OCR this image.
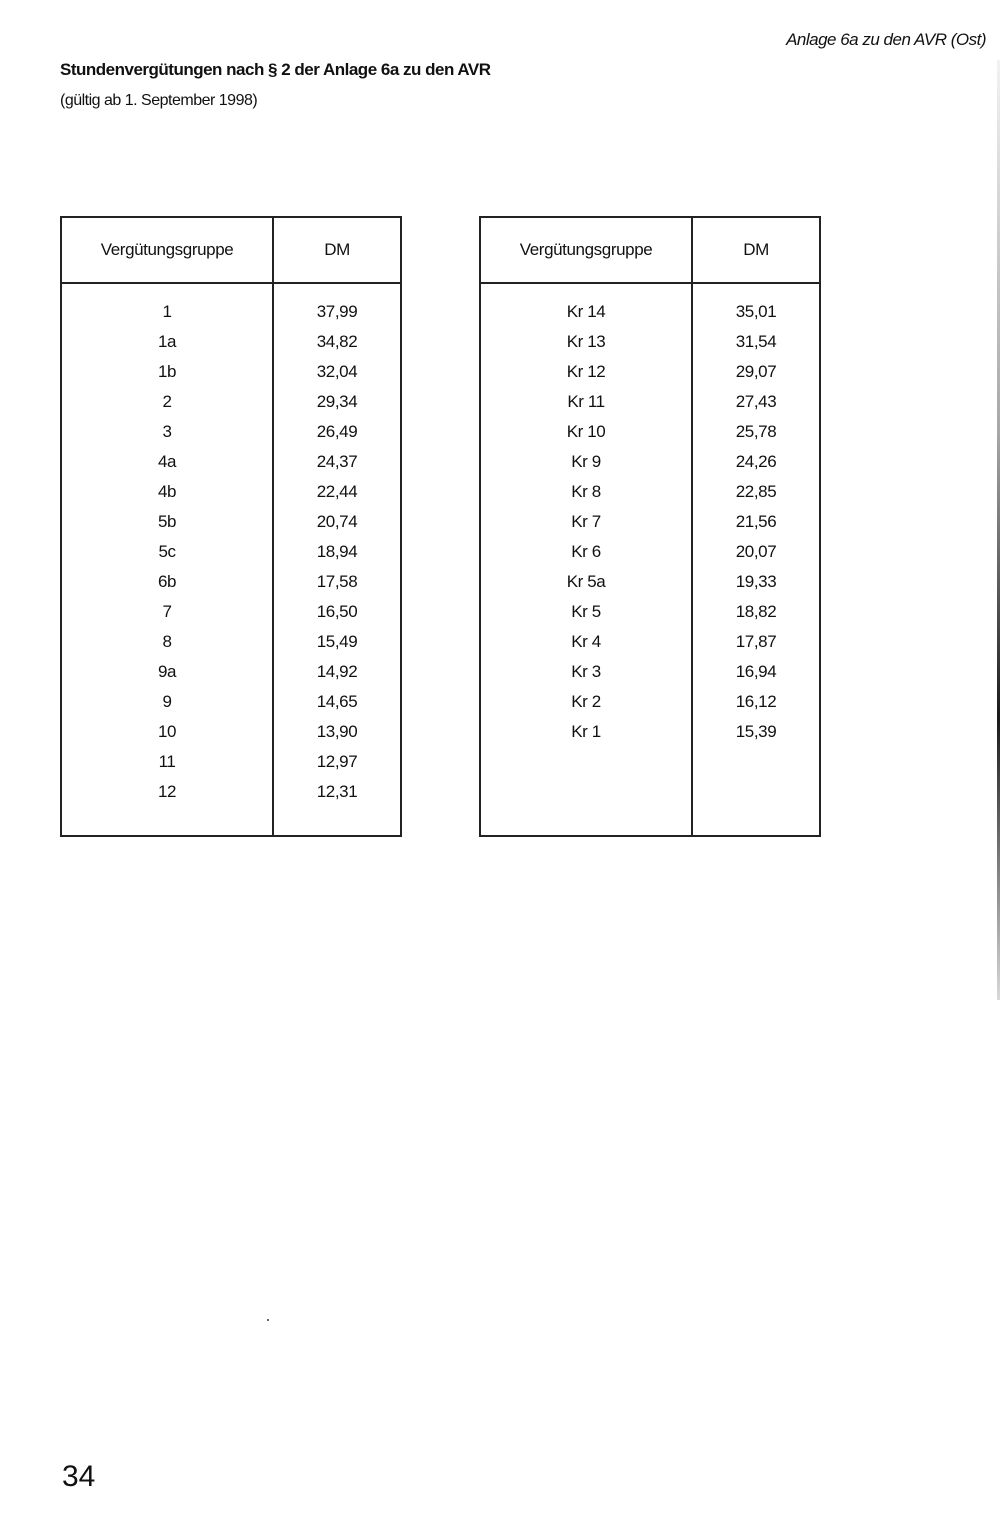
Anlage 6a zu den AVR (Ost)
Stundenvergütungen nach § 2 der Anlage 6a zu den AVR
(gültig ab 1. September 1998)
Vergütungsgruppe	DM

1	37,99
1a	34,82
1b	32,04
2	29,34
3	26,49
4a	24,37
4b	22,44
5b	20,74
5c	18,94
6b	17,58
7	16,50
8	15,49
9a	14,92
9	14,65
10	13,90
11	12,97
12	12,31

Vergütungsgruppe	DM

Kr 14	35,01
Kr 13	31,54
Kr 12	29,07
Kr 11	27,43
Kr 10	25,78
Kr 9	24,26
Kr 8	22,85
Kr 7	21,56
Kr 6	20,07
Kr 5a	19,33
Kr 5	18,82
Kr 4	17,87
Kr 3	16,94
Kr 2	16,12
Kr 1	15,39

34
